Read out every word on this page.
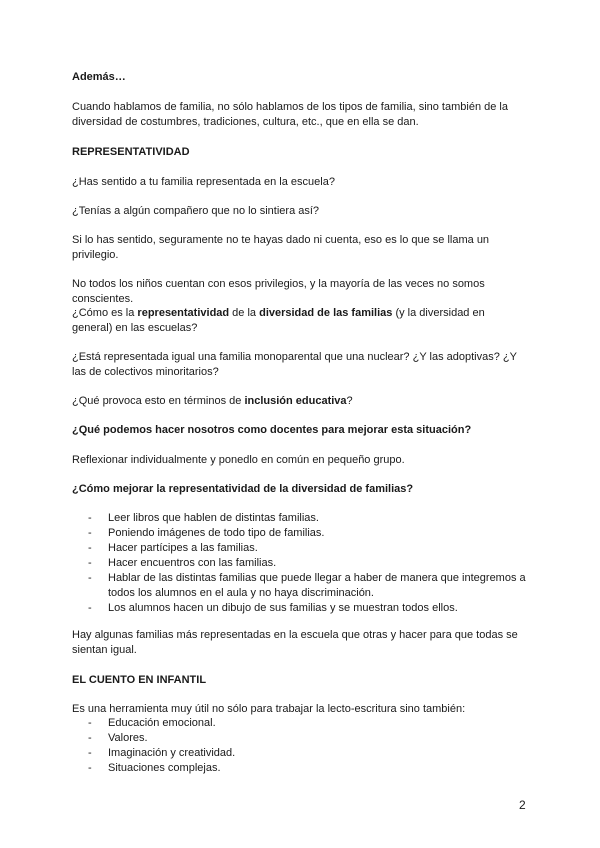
Además…

Cuando hablamos de familia, no sólo hablamos de los tipos de familia, sino también de la diversidad de costumbres, tradiciones, cultura, etc., que en ella se dan.

REPRESENTATIVIDAD

¿Has sentido a tu familia representada en la escuela?

¿Tenías a algún compañero que no lo sintiera así?

Si lo has sentido, seguramente no te hayas dado ni cuenta, eso es lo que se llama un privilegio.

No todos los niños cuentan con esos privilegios, y la mayoría de las veces no somos conscientes.

¿Cómo es la representatividad de la diversidad de las familias (y la diversidad en general) en las escuelas?

¿Está representada igual una familia monoparental que una nuclear? ¿Y las adoptivas? ¿Y las de colectivos minoritarios?

¿Qué provoca esto en términos de inclusión educativa?

¿Qué podemos hacer nosotros como docentes para mejorar esta situación?

Reflexionar individualmente y ponedlo en común en pequeño grupo.

¿Cómo mejorar la representatividad de la diversidad de familias?

- Leer libros que hablen de distintas familias.
- Poniendo imágenes de todo tipo de familias.
- Hacer partícipes a las familias.
- Hacer encuentros con las familias.
- Hablar de las distintas familias que puede llegar a haber de manera que integremos a todos los alumnos en el aula y no haya discriminación.
- Los alumnos hacen un dibujo de sus familias y se muestran todos ellos.

Hay algunas familias más representadas en la escuela que otras y hacer para que todas se sientan igual.

EL CUENTO EN INFANTIL

Es una herramienta muy útil no sólo para trabajar la lecto-escritura sino también:

- Educación emocional.
- Valores.
- Imaginación y creatividad.
- Situaciones complejas.
2
